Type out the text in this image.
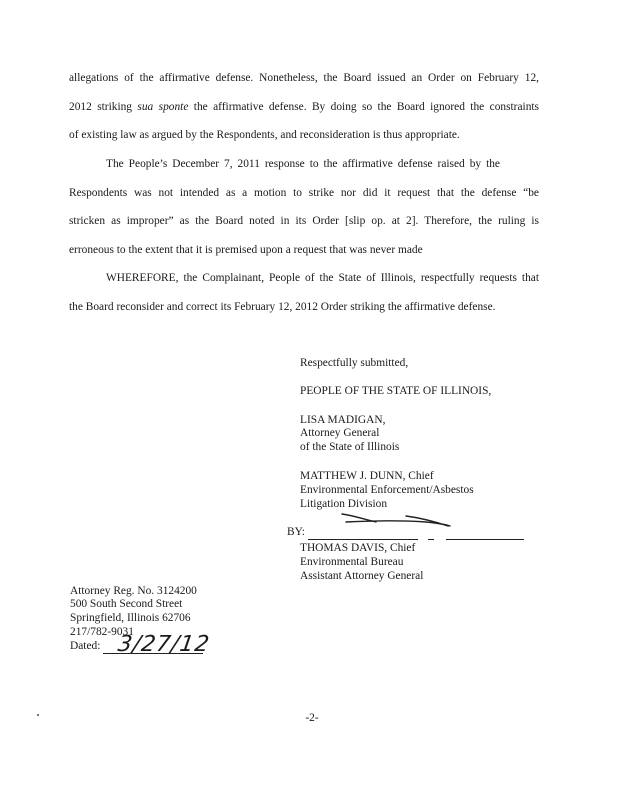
allegations of the affirmative defense. Nonetheless, the Board issued an Order on February 12,
2012 striking sua sponte the affirmative defense. By doing so the Board ignored the constraints
of existing law as argued by the Respondents, and reconsideration is thus appropriate.
The People’s December 7, 2011 response to the affirmative defense raised by the
Respondents was not intended as a motion to strike nor did it request that the defense “be
stricken as improper” as the Board noted in its Order [slip op. at 2]. Therefore, the ruling is
erroneous to the extent that it is premised upon a request that was never made
WHEREFORE, the Complainant, People of the State of Illinois, respectfully requests that
the Board reconsider and correct its February 12, 2012 Order striking the affirmative defense.
Respectfully submitted,
PEOPLE OF THE STATE OF ILLINOIS,
LISA MADIGAN,
Attorney General
of the State of Illinois
MATTHEW J. DUNN, Chief
Environmental Enforcement/Asbestos
Litigation Division
BY:
THOMAS DAVIS, Chief
Environmental Bureau
Assistant Attorney General
Attorney Reg. No. 3124200
500 South Second Street
Springfield, Illinois 62706
217/782-9031
Dated: 3/27/12
-2-
